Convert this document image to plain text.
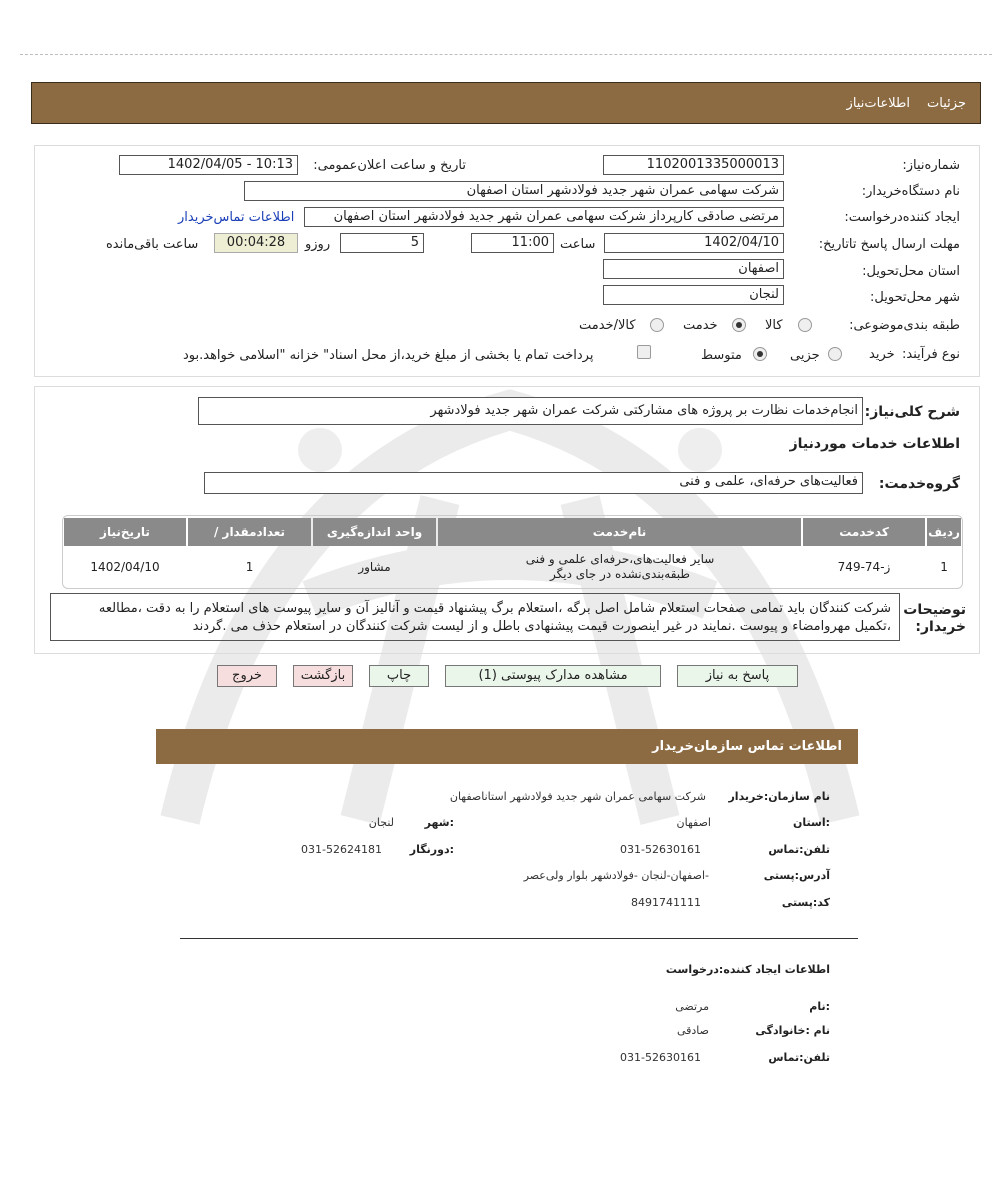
جزئیات
اطلاعات‌نیاز
شماره‌نیاز:
1102001335000013
تاریخ و ساعت اعلان‌عمومی:
1402/04/05 - 10:13
نام دستگاه‌خریدار:
شرکت سهامی عمران شهر جدید فولادشهر استان اصفهان
ایجاد کننده‌درخواست:
مرتضی صادقی کارپرداز شرکت سهامی عمران شهر جدید فولادشهر استان اصفهان
اطلاعات تماس‌خریدار
مهلت ارسال پاسخ تا‌تاریخ:
1402/04/10
ساعت
11:00
5
روزو
00:04:28
ساعت باقی‌مانده
استان محل‌تحویل:
اصفهان
شهر محل‌تحویل:
لنجان
طبقه بندی‌موضوعی:
کالا
خدمت
کالا/خدمت
نوع فرآیند:
خرید
جزیی
متوسط
پرداخت تمام یا بخشی از مبلغ خرید،از محل اسناد" خزانه "اسلامی خواهد.بود
شرح کلی‌نیاز:
انجام‌خدمات نظارت بر پروژه های مشارکتی شرکت عمران شهر جدید فولادشهر
اطلاعات خدمات موردنیاز
گروه‌خدمت:
فعالیت‌های حرفه‌ای، علمی و فنی
ردیف
کدخدمت
نام‌خدمت
واحد اندازه‌گیری
تعداد‌مقدار /
تاریخ‌نیاز
1
ز-74-749
سایر فعالیت‌های،حرفه‌ای علمی و فنی طبقه‌بندی‌نشده در جای دیگر
مشاور
1
1402/04/10
توضیحات خریدار:
شرکت کنندگان باید تمامی صفحات استعلام شامل اصل برگه ،استعلام برگ پیشنهاد قیمت و آنالیز آن و سایر پیوست های استعلام را به دقت ،مطالعه ،تکمیل مهروامضاء و پیوست .نمایند در غیر اینصورت قیمت پیشنهادی باطل و از لیست شرکت کنندگان در استعلام حذف می .گردند
پاسخ به نیاز
مشاهده مدارک پیوستی (1)
چاپ
بازگشت
خروج
اطلاعات تماس سازمان‌خریدار
نام سازمان:خریدار
شرکت سهامی عمران شهر جدید فولادشهر استاناصفهان
:استان
اصفهان
:شهر
لنجان
تلفن:تماس
031-52630161
:دورنگار
031-52624181
آدرس:پستی
-اصفهان-لنجان -فولادشهر بلوار ولی‌عصر
کد:پستی
8491741111
اطلاعات ایجاد کننده:درخواست
:نام
مرتضی
نام :خانوادگی
صادقی
تلفن:تماس
031-52630161
